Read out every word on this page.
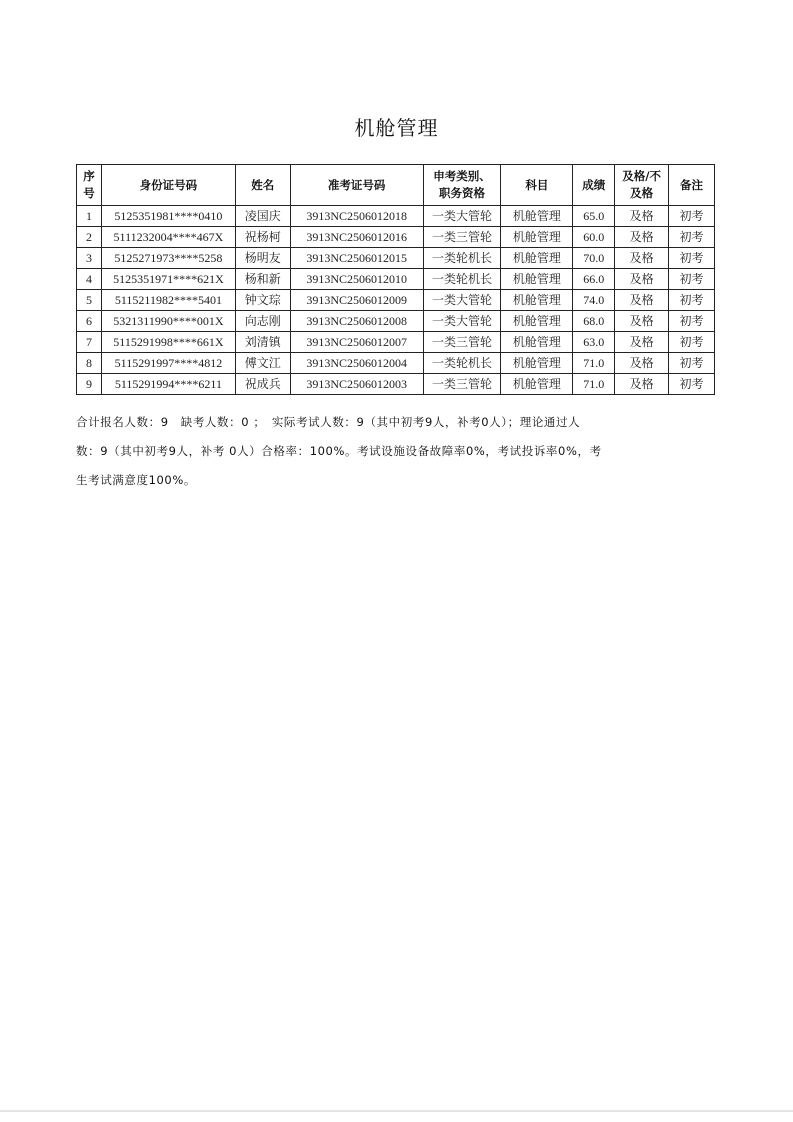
机舱管理
序号	身份证号码	姓名	准考证号码	申考类别、职务资格	科目	成绩	及格/不及格	备注
1	5125351981****0410	凌国庆	3913NC2506012018	一类大管轮	机舱管理	65.0	及格	初考
2	5111232004****467X	祝杨柯	3913NC2506012016	一类三管轮	机舱管理	60.0	及格	初考
3	5125271973****5258	杨明友	3913NC2506012015	一类轮机长	机舱管理	70.0	及格	初考
4	5125351971****621X	杨和新	3913NC2506012010	一类轮机长	机舱管理	66.0	及格	初考
5	5115211982****5401	钟文琮	3913NC2506012009	一类大管轮	机舱管理	74.0	及格	初考
6	5321311990****001X	向志刚	3913NC2506012008	一类大管轮	机舱管理	68.0	及格	初考
7	5115291998****661X	刘清镇	3913NC2506012007	一类三管轮	机舱管理	63.0	及格	初考
8	5115291997****4812	傅文江	3913NC2506012004	一类轮机长	机舱管理	71.0	及格	初考
9	5115291994****6211	祝成兵	3913NC2506012003	一类三管轮	机舱管理	71.0	及格	初考

合计报名人数：9　缺考人数：0 ；　实际考试人数：9（其中初考9人，补考0人）；理论通过人

数：9（其中初考9人，补考 0人）合格率：100%。考试设施设备故障率0%，考试投诉率0%，考

生考试满意度100%。
